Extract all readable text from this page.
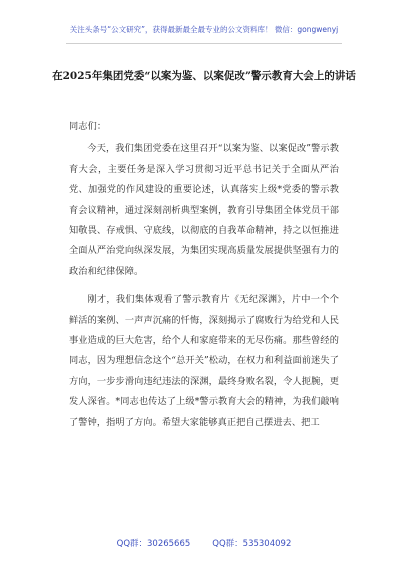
关注头条号“公文研究”，获得最新最全最专业的公文资料库！ 微信：gongwenyj
在2025年集团党委“以案为鉴、以案促改”警示教育大会上的讲话

同志们：

今天，我们集团党委在这里召开“以案为鉴、以案促改”警示教育大会，主要任务是深入学习贯彻习近平总书记关于全面从严治党、加强党的作风建设的重要论述，认真落实上级*党委的警示教育会议精神，通过深刻剖析典型案例，教育引导集团全体党员干部知敬畏、存戒惧、守底线，以彻底的自我革命精神，持之以恒推进全面从严治党向纵深发展，为集团实现高质量发展提供坚强有力的政治和纪律保障。

刚才，我们集体观看了警示教育片《无纪深渊》，片中一个个鲜活的案例、一声声沉痛的忏悔，深刻揭示了腐败行为给党和人民事业造成的巨大危害，给个人和家庭带来的无尽伤痛。那些曾经的同志，因为理想信念这个“总开关”松动，在权力和利益面前迷失了方向，一步步滑向违纪违法的深渊，最终身败名裂，令人扼腕，更发人深省。*同志也传达了上级*警示教育大会的精神，为我们敲响了警钟，指明了方向。希望大家能够真正把自己摆进去、把工

QQ群：30265665	QQ群：535304092
